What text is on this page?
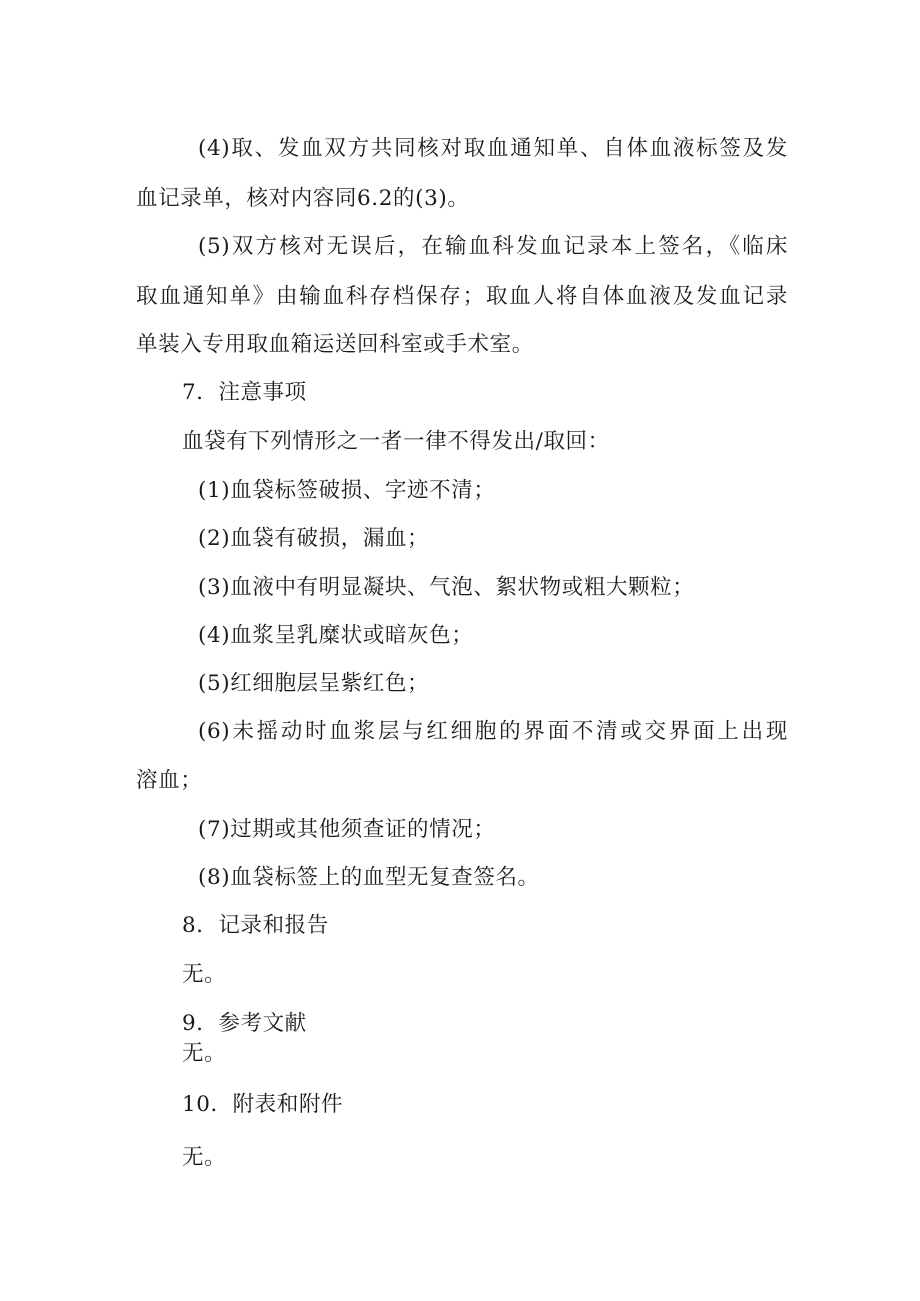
(4)取、发血双方共同核对取血通知单、自体血液标签及发
血记录单，核对内容同6.2的(3)。
(5)双方核对无误后，在输血科发血记录本上签名，《临床
取血通知单》由输血科存档保存；取血人将自体血液及发血记录
单装入专用取血箱运送回科室或手术室。
7．注意事项
血袋有下列情形之一者一律不得发出/取回：
(1)血袋标签破损、字迹不清；
(2)血袋有破损，漏血；
(3)血液中有明显凝块、气泡、絮状物或粗大颗粒；
(4)血浆呈乳糜状或暗灰色；
(5)红细胞层呈紫红色；
(6)未摇动时血浆层与红细胞的界面不清或交界面上出现
溶血；
(7)过期或其他须查证的情况；
(8)血袋标签上的血型无复查签名。
8．记录和报告
无。
9．参考文献
无。
10．附表和附件
无。
